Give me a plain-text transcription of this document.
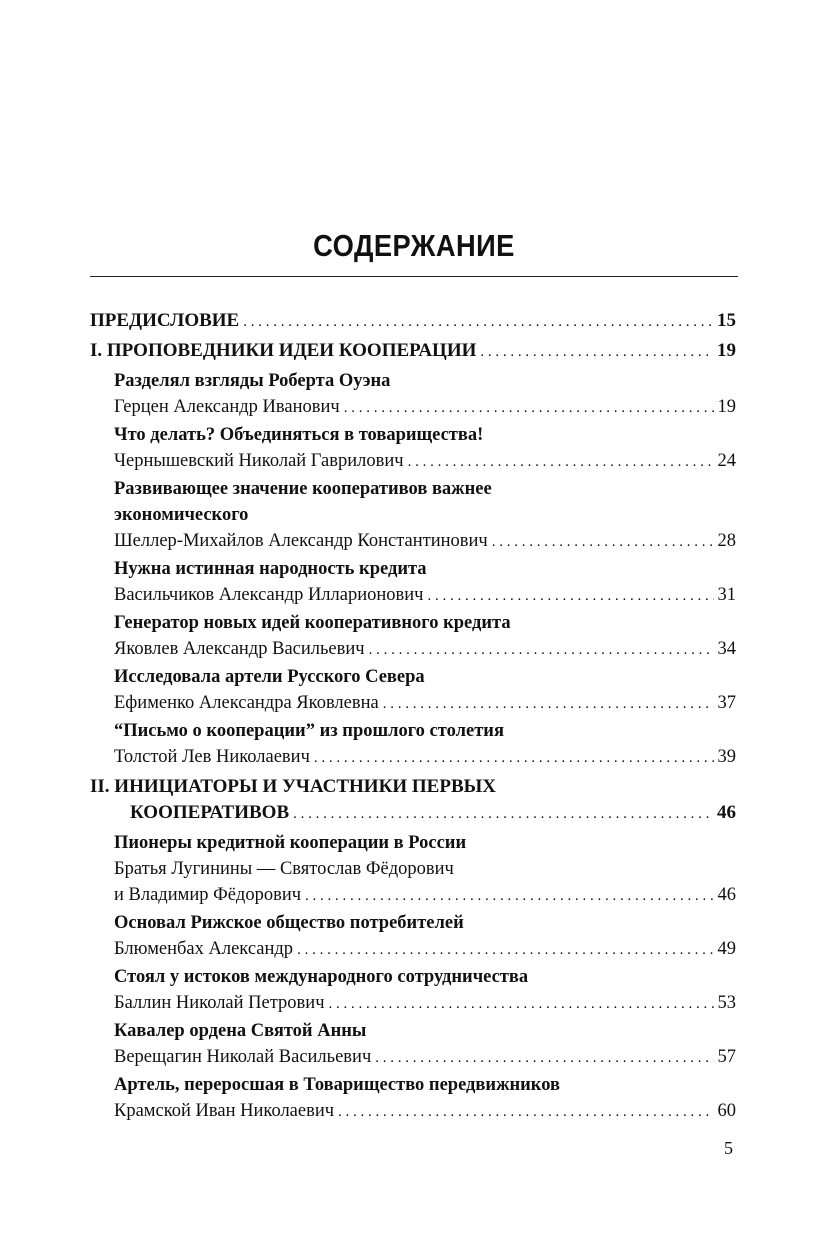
СОДЕРЖАНИЕ
ПРЕДИСЛОВИЕ . . .	15
I. ПРОПОВЕДНИКИ ИДЕИ КООПЕРАЦИИ . . .	19
Разделял взгляды Роберта Оуэна
Герцен Александр Иванович . . .	19
Что делать? Объединяться в товарищества!
Чернышевский Николай Гаврилович . . .	24
Развивающее значение кооперативов важнее
экономического
Шеллер-Михайлов Александр Константинович . . .	28
Нужна истинная народность кредита
Васильчиков Александр Илларионович . . .	31
Генератор новых идей кооперативного кредита
Яковлев Александр Васильевич . . .	34
Исследовала артели Русского Севера
Ефименко Александра Яковлевна . . .	37
“Письмо о кооперации” из прошлого столетия
Толстой Лев Николаевич . . .	39
II. ИНИЦИАТОРЫ И УЧАСТНИКИ ПЕРВЫХ
КООПЕРАТИВОВ . . .	46
Пионеры кредитной кооперации в России
Братья Лугинины — Святослав Фёдорович
и Владимир Фёдорович . . .	46
Основал Рижское общество потребителей
Блюменбах Александр . . .	49
Стоял у истоков международного сотрудничества
Баллин Николай Петрович . . .	53
Кавалер ордена Святой Анны
Верещагин Николай Васильевич . . .	57
Артель, переросшая в Товарищество передвижников
Крамской Иван Николаевич . . .	60
5
